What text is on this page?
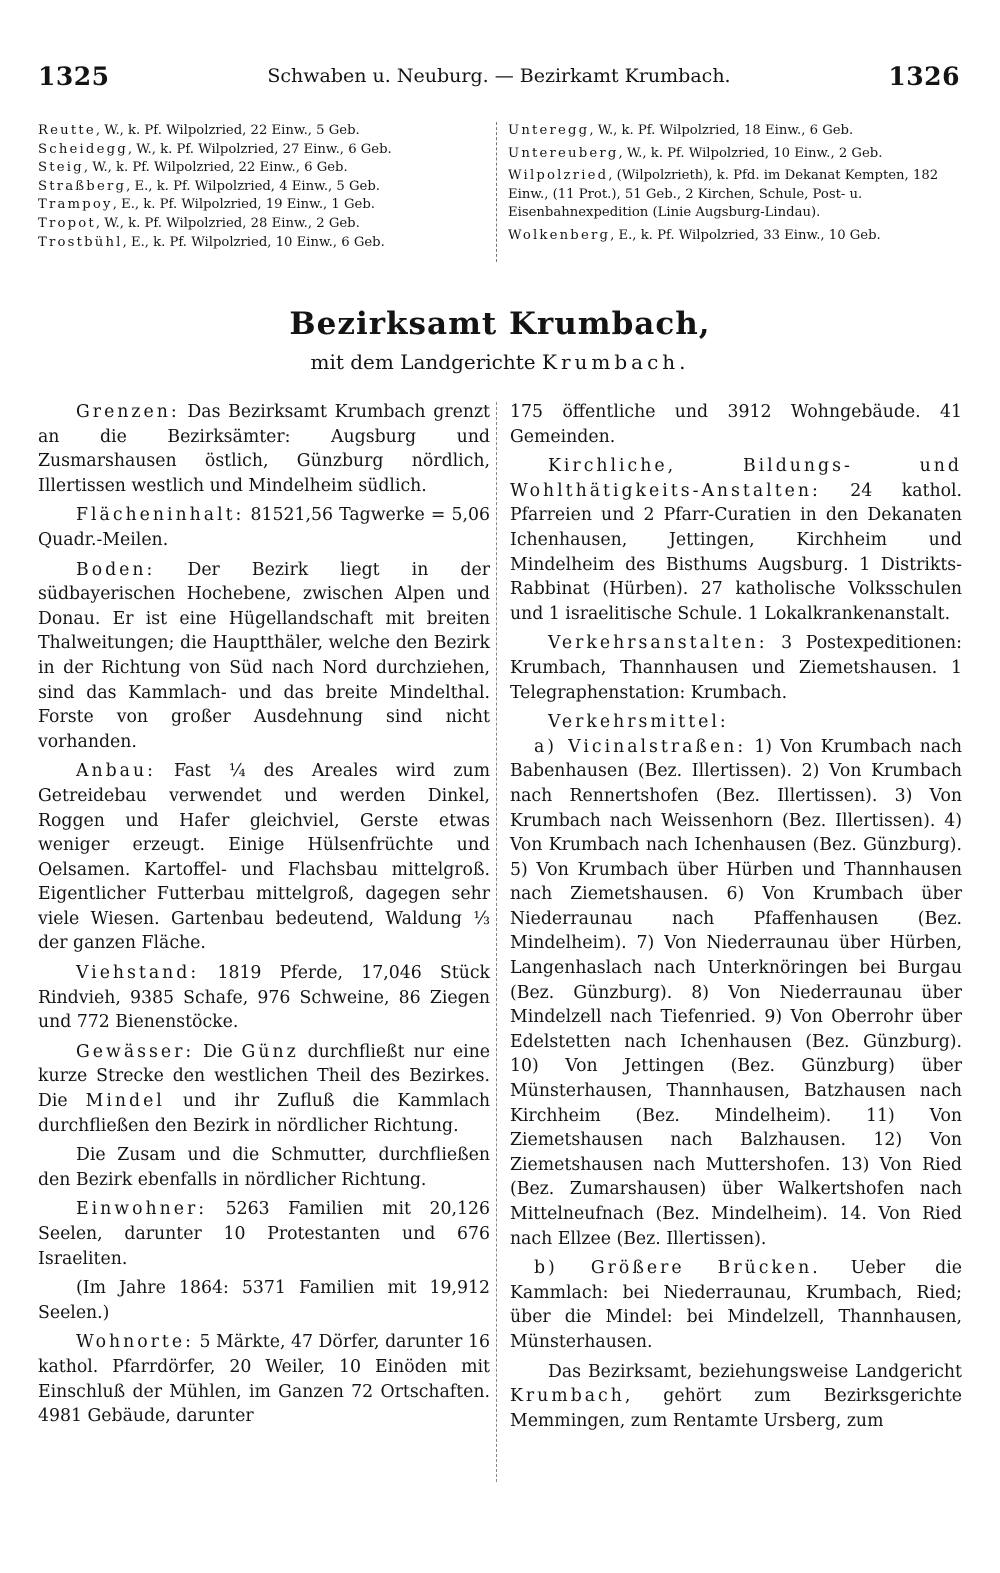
1325	Schwaben u. Neuburg. — Bezirkamt Krumbach.	1326
Reutte, W., k. Pf. Wilpolzried, 22 Einw., 5 Geb.
Scheidegg, W., k. Pf. Wilpolzried, 27 Einw., 6 Geb.
Steig, W., k. Pf. Wilpolzried, 22 Einw., 6 Geb.
Straßberg, E., k. Pf. Wilpolzried, 4 Einw., 5 Geb.
Trampoy, E., k. Pf. Wilpolzried, 19 Einw., 1 Geb.
Tropot, W., k. Pf. Wilpolzried, 28 Einw., 2 Geb.
Trostbühl, E., k. Pf. Wilpolzried, 10 Einw., 6 Geb.
Unteregg, W., k. Pf. Wilpolzried, 18 Einw., 6 Geb.
Untereuberg, W., k. Pf. Wilpolzried, 10 Einw., 2 Geb.
Wilpolzried, (Wilpolzrieth), k. Pfd. im Dekanat Kempten, 182 Einw., (11 Prot.), 51 Geb., 2 Kirchen, Schule, Post- u. Eisenbahnexpedition (Linie Augsburg-Lindau).
Wolkenberg, E., k. Pf. Wilpolzried, 33 Einw., 10 Geb.
Bezirksamt Krumbach,
mit dem Landgerichte Krumbach.

Grenzen: Das Bezirksamt Krumbach grenzt an die Bezirksämter: Augsburg und Zusmarshausen östlich, Günzburg nördlich, Illertissen westlich und Mindelheim südlich.

Flächeninhalt: 81521,56 Tagwerke = 5,06 Quadr.-Meilen.

Boden: Der Bezirk liegt in der südbayerischen Hochebene, zwischen Alpen und Donau. Er ist eine Hügellandschaft mit breiten Thalweitungen; die Hauptthäler, welche den Bezirk in der Richtung von Süd nach Nord durchziehen, sind das Kammlach- und das breite Mindelthal. Forste von großer Ausdehnung sind nicht vorhanden.

Anbau: Fast ¼ des Areales wird zum Getreidebau verwendet und werden Dinkel, Roggen und Hafer gleichviel, Gerste etwas weniger erzeugt. Einige Hülsenfrüchte und Oelsamen. Kartoffel- und Flachsbau mittelgroß. Eigentlicher Futterbau mittelgroß, dagegen sehr viele Wiesen. Gartenbau bedeutend, Waldung ⅓ der ganzen Fläche.

Viehstand: 1819 Pferde, 17,046 Stück Rindvieh, 9385 Schafe, 976 Schweine, 86 Ziegen und 772 Bienenstöcke.

Gewässer: Die Günz durchfließt nur eine kurze Strecke den westlichen Theil des Bezirkes. Die Mindel und ihr Zufluß die Kammlach durchfließen den Bezirk in nördlicher Richtung.

Die Zusam und die Schmutter, durchfließen den Bezirk ebenfalls in nördlicher Richtung.

Einwohner: 5263 Familien mit 20,126 Seelen, darunter 10 Protestanten und 676 Israeliten.

(Im Jahre 1864: 5371 Familien mit 19,912 Seelen.)

Wohnorte: 5 Märkte, 47 Dörfer, darunter 16 kathol. Pfarrdörfer, 20 Weiler, 10 Einöden mit Einschluß der Mühlen, im Ganzen 72 Ortschaften. 4981 Gebäude, darunter

175 öffentliche und 3912 Wohngebäude. 41 Gemeinden.

Kirchliche, Bildungs- und Wohlthätigkeits-Anstalten: 24 kathol. Pfarreien und 2 Pfarr-Curatien in den Dekanaten Ichenhausen, Jettingen, Kirchheim und Mindelheim des Bisthums Augsburg. 1 Distrikts-Rabbinat (Hürben). 27 katholische Volksschulen und 1 israelitische Schule. 1 Lokalkrankenanstalt.

Verkehrsanstalten: 3 Postexpeditionen: Krumbach, Thannhausen und Ziemetshausen. 1 Telegraphenstation: Krumbach.

Verkehrsmittel:

a) Vicinalstraßen: 1) Von Krumbach nach Babenhausen (Bez. Illertissen). 2) Von Krumbach nach Rennertshofen (Bez. Illertissen). 3) Von Krumbach nach Weissenhorn (Bez. Illertissen). 4) Von Krumbach nach Ichenhausen (Bez. Günzburg). 5) Von Krumbach über Hürben und Thannhausen nach Ziemetshausen. 6) Von Krumbach über Niederraunau nach Pfaffenhausen (Bez. Mindelheim). 7) Von Niederraunau über Hürben, Langenhaslach nach Unterknöringen bei Burgau (Bez. Günzburg). 8) Von Niederraunau über Mindelzell nach Tiefenried. 9) Von Oberrohr über Edelstetten nach Ichenhausen (Bez. Günzburg). 10) Von Jettingen (Bez. Günzburg) über Münsterhausen, Thannhausen, Batzhausen nach Kirchheim (Bez. Mindelheim). 11) Von Ziemetshausen nach Balzhausen. 12) Von Ziemetshausen nach Muttershofen. 13) Von Ried (Bez. Zumarshausen) über Walkertshofen nach Mittelneufnach (Bez. Mindelheim). 14. Von Ried nach Ellzee (Bez. Illertissen).

b) Größere Brücken. Ueber die Kammlach: bei Niederraunau, Krumbach, Ried; über die Mindel: bei Mindelzell, Thannhausen, Münsterhausen.

Das Bezirksamt, beziehungsweise Landgericht Krumbach, gehört zum Bezirksgerichte Memmingen, zum Rentamte Ursberg, zum
